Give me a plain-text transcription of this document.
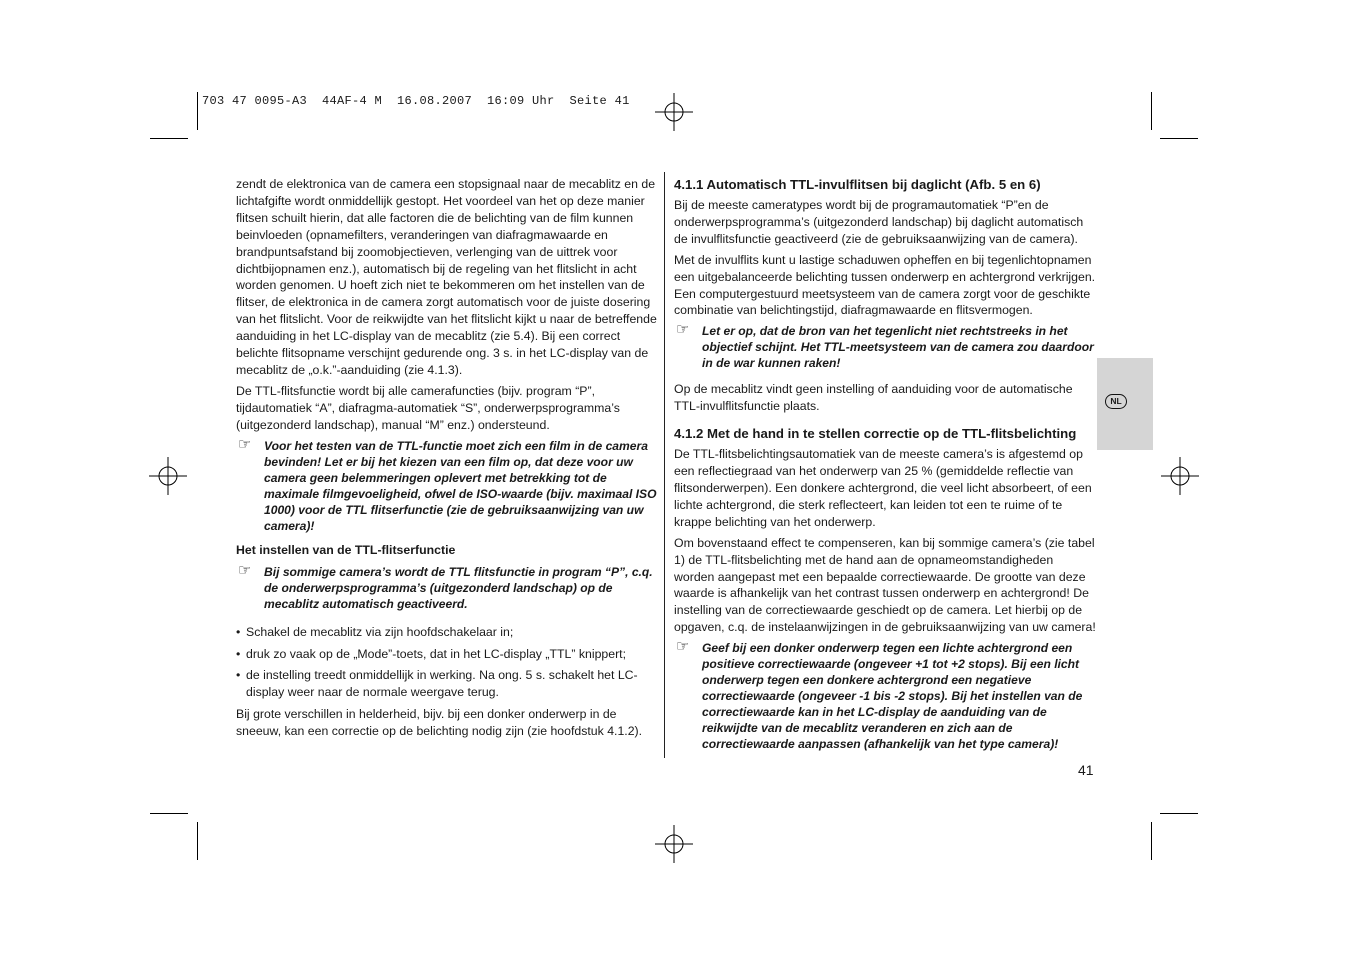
703 47 0095-A3  44AF-4 M  16.08.2007  16:09 Uhr  Seite 41

zendt de elektronica van de camera een stopsignaal naar de mecablitz en de lichtafgifte wordt onmiddellijk gestopt. Het voordeel van het op deze manier flitsen schuilt hierin, dat alle factoren die de belichting van de film kunnen beinvloeden (opnamefilters, veranderingen van diafragmawaarde en brandpuntsafstand bij zoomobjectieven, verlenging van de uittrek voor dichtbijopnamen enz.), automatisch bij de regeling van het flitslicht in acht worden genomen. U hoeft zich niet te bekommeren om het instellen van de flitser, de elektronica in de camera zorgt automatisch voor de juiste dosering van het flitslicht. Voor de reikwijdte van het flitslicht kijkt u naar de betreffende aanduiding in het LC-display van de mecablitz (zie 5.4). Bij een correct belichte flitsopname verschijnt gedurende ong. 3 s. in het LC-display van de mecablitz de „o.k.”-aanduiding (zie 4.1.3).

De TTL-flitsfunctie wordt bij alle camerafuncties (bijv. program “P”, tijdautomatiek “A”, diafragma-automatiek “S”, onderwerpsprogramma’s (uitgezonderd landschap), manual “M” enz.) ondersteund.

☞ Voor het testen van de TTL-functie moet zich een film in de camera bevinden! Let er bij het kiezen van een film op, dat deze voor uw camera geen belemmeringen oplevert met betrekking tot de maximale filmgevoeligheid, ofwel de ISO-waarde (bijv. maximaal ISO 1000) voor de TTL flitserfunctie (zie de gebruiksaanwijzing van uw camera)!
Het instellen van de TTL-flitserfunctie
☞ Bij sommige camera’s wordt de TTL flitsfunctie in program “P”, c.q. de onderwerpsprogramma’s (uitgezonderd landschap) op de mecablitz automatisch geactiveerd.
• Schakel de mecablitz via zijn hoofdschakelaar in;
• druk zo vaak op de „Mode”-toets, dat in het LC-display „TTL” knippert;
• de instelling treedt onmiddellijk in werking. Na ong. 5 s. schakelt het LC-display weer naar de normale weergave terug.

Bij grote verschillen in helderheid, bijv. bij een donker onderwerp in de sneeuw, kan een correctie op de belichting nodig zijn (zie hoofdstuk 4.1.2).

4.1.1 Automatisch TTL-invulflitsen bij daglicht (Afb. 5 en 6)

Bij de meeste cameratypes wordt bij de programautomatiek “P”en de onderwerpsprogramma’s (uitgezonderd landschap) bij daglicht automatisch de invulflitsfunctie geactiveerd (zie de gebruiksaanwijzing van de camera).

Met de invulflits kunt u lastige schaduwen opheffen en bij tegenlichtopnamen een uitgebalanceerde belichting tussen onderwerp en achtergrond verkrijgen. Een computergestuurd meetsysteem van de camera zorgt voor de geschikte combinatie van belichtingstijd, diafragmawaarde en flitsvermogen.

☞ Let er op, dat de bron van het tegenlicht niet rechtstreeks in het objectief schijnt. Het TTL-meetsysteem van de camera zou daardoor in de war kunnen raken!

Op de mecablitz vindt geen instelling of aanduiding voor de automatische TTL-invulflitsfunctie plaats.

4.1.2 Met de hand in te stellen correctie op de TTL-flitsbelichting

De TTL-flitsbelichtingsautomatiek van de meeste camera’s is afgestemd op een reflectiegraad van het onderwerp van 25 % (gemiddelde reflectie van flitsonderwerpen). Een donkere achtergrond, die veel licht absorbeert, of een lichte achtergrond, die sterk reflecteert, kan leiden tot een te ruime of te krappe belichting van het onderwerp.

Om bovenstaand effect te compenseren, kan bij sommige camera’s (zie tabel 1) de TTL-flitsbelichting met de hand aan de opnameomstandigheden worden aangepast met een bepaalde correctiewaarde. De grootte van deze waarde is afhankelijk van het contrast tussen onderwerp en achtergrond! De instelling van de correctiewaarde geschiedt op de camera. Let hierbij op de opgaven, c.q. de instelaanwijzingen in de gebruiksaanwijzing van uw camera!

☞ Geef bij een donker onderwerp tegen een lichte achtergrond een positieve correctiewaarde (ongeveer +1 tot +2 stops). Bij een licht onderwerp tegen een donkere achtergrond een negatieve correctiewaarde (ongeveer -1 bis -2 stops). Bij het instellen van de correctiewaarde kan in het LC-display de aanduiding van de reikwijdte van de mecablitz veranderen en zich aan de correctiewaarde aanpassen (afhankelijk van het type camera)!
NL
41
